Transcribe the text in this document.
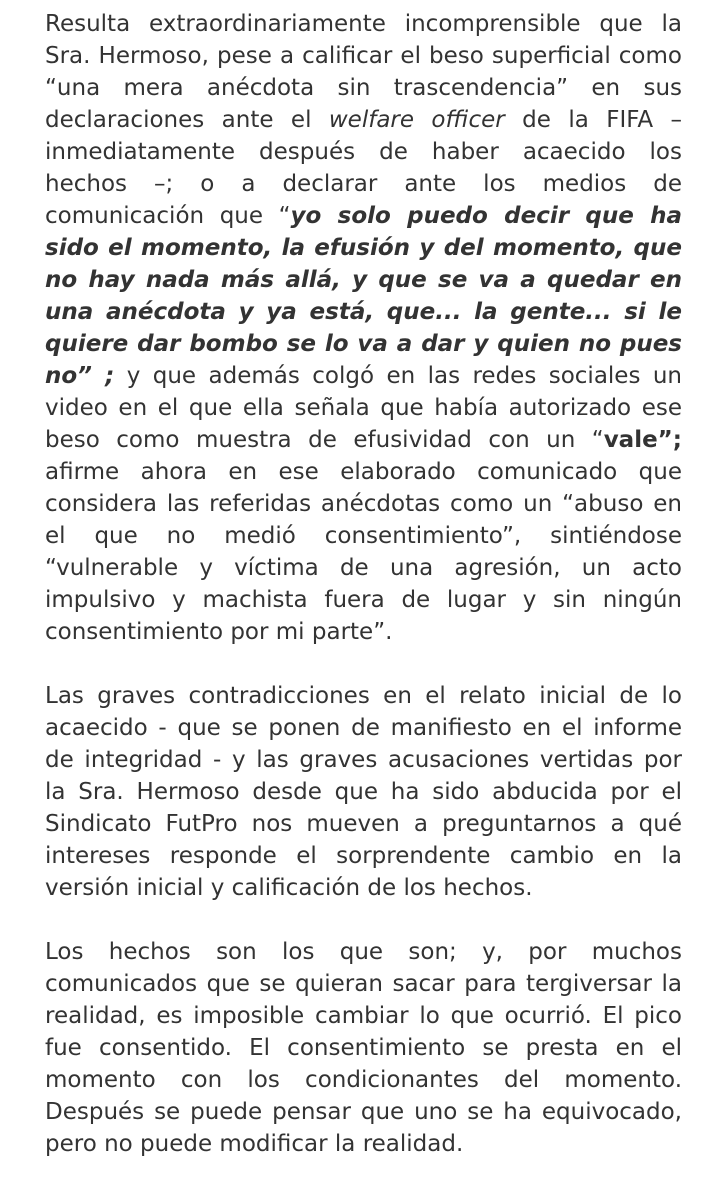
Resulta extraordinariamente incomprensible que la Sra. Hermoso, pese a calificar el beso superficial como “una mera anécdota sin trascendencia” en sus declaraciones ante el welfare officer de la FIFA – inmediatamente después de haber acaecido los hechos –; o a declarar ante los medios de comunicación que “yo solo puedo decir que ha sido el momento, la efusión y del momento, que no hay nada más allá, y que se va a quedar en una anécdota y ya está, que... la gente... si le quiere dar bombo se lo va a dar y quien no pues no” ; y que además colgó en las redes sociales un video en el que ella señala que había autorizado ese beso como muestra de efusividad con un “vale”; afirme ahora en ese elaborado comunicado que considera las referidas anécdotas como un “abuso en el que no medió consentimiento”, sintiéndose “vulnerable y víctima de una agresión, un acto impulsivo y machista fuera de lugar y sin ningún consentimiento por mi parte”.

Las graves contradicciones en el relato inicial de lo acaecido - que se ponen de manifiesto en el informe de integridad - y las graves acusaciones vertidas por la Sra. Hermoso desde que ha sido abducida por el Sindicato FutPro nos mueven a preguntarnos a qué intereses responde el sorprendente cambio en la versión inicial y calificación de los hechos.

Los hechos son los que son; y, por muchos comunicados que se quieran sacar para tergiversar la realidad, es imposible cambiar lo que ocurrió. El pico fue consentido. El consentimiento se presta en el momento con los condicionantes del momento. Después se puede pensar que uno se ha equivocado, pero no puede modificar la realidad.
